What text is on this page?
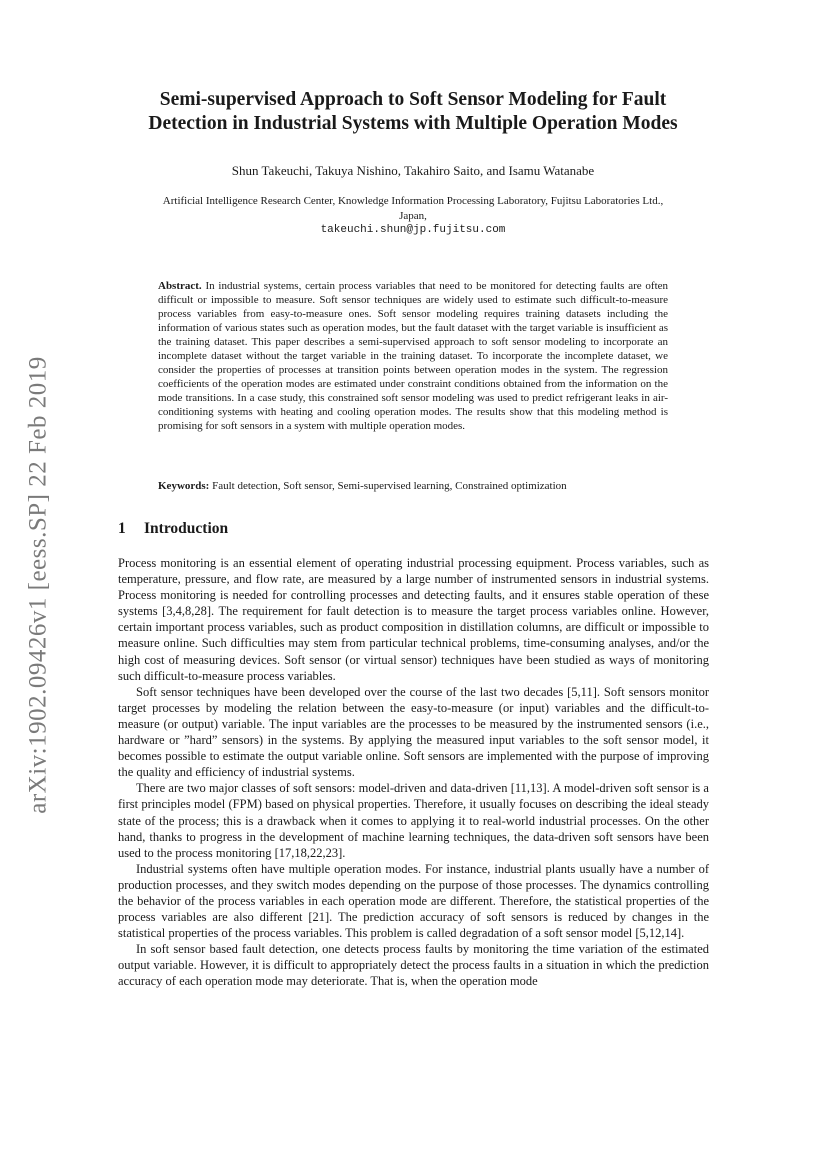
arXiv:1902.09426v1 [eess.SP] 22 Feb 2019
Semi-supervised Approach to Soft Sensor Modeling for Fault
Detection in Industrial Systems with Multiple Operation Modes
Shun Takeuchi, Takuya Nishino, Takahiro Saito, and Isamu Watanabe
Artificial Intelligence Research Center, Knowledge Information Processing Laboratory, Fujitsu Laboratories Ltd.,
Japan,
takeuchi.shun@jp.fujitsu.com
Abstract. In industrial systems, certain process variables that need to be monitored for detecting faults are often difficult or impossible to measure. Soft sensor techniques are widely used to estimate such difficult-to-measure process variables from easy-to-measure ones. Soft sensor modeling requires training datasets including the information of various states such as operation modes, but the fault dataset with the target variable is insufficient as the training dataset. This paper describes a semi-supervised approach to soft sensor modeling to incorporate an incomplete dataset without the target variable in the training dataset. To incorporate the incomplete dataset, we consider the properties of processes at transition points between operation modes in the system. The regression coefficients of the operation modes are estimated under constraint conditions obtained from the information on the mode transitions. In a case study, this constrained soft sensor modeling was used to predict refrigerant leaks in air-conditioning systems with heating and cooling operation modes. The results show that this modeling method is promising for soft sensors in a system with multiple operation modes.
Keywords: Fault detection, Soft sensor, Semi-supervised learning, Constrained optimization
1 Introduction

Process monitoring is an essential element of operating industrial processing equipment. Process variables, such as temperature, pressure, and flow rate, are measured by a large number of instrumented sensors in industrial systems. Process monitoring is needed for controlling processes and detecting faults, and it ensures stable operation of these systems [3,4,8,28]. The requirement for fault detection is to measure the target process variables online. However, certain important process variables, such as product composition in distillation columns, are difficult or impossible to measure online. Such difficulties may stem from particular technical problems, time-consuming analyses, and/or the high cost of measuring devices. Soft sensor (or virtual sensor) techniques have been studied as ways of monitoring such difficult-to-measure process variables.

Soft sensor techniques have been developed over the course of the last two decades [5,11]. Soft sensors monitor target processes by modeling the relation between the easy-to-measure (or input) variables and the difficult-to-measure (or output) variable. The input variables are the processes to be measured by the instrumented sensors (i.e., hardware or ”hard” sensors) in the systems. By applying the measured input variables to the soft sensor model, it becomes possible to estimate the output variable online. Soft sensors are implemented with the purpose of improving the quality and efficiency of industrial systems.

There are two major classes of soft sensors: model-driven and data-driven [11,13]. A model-driven soft sensor is a first principles model (FPM) based on physical properties. Therefore, it usually focuses on describing the ideal steady state of the process; this is a drawback when it comes to applying it to real-world industrial processes. On the other hand, thanks to progress in the development of machine learning techniques, the data-driven soft sensors have been used to the process monitoring [17,18,22,23].

Industrial systems often have multiple operation modes. For instance, industrial plants usually have a number of production processes, and they switch modes depending on the purpose of those processes. The dynamics controlling the behavior of the process variables in each operation mode are different. Therefore, the statistical properties of the process variables are also different [21]. The prediction accuracy of soft sensors is reduced by changes in the statistical properties of the process variables. This problem is called degradation of a soft sensor model [5,12,14].

In soft sensor based fault detection, one detects process faults by monitoring the time variation of the estimated output variable. However, it is difficult to appropriately detect the process faults in a situation in which the prediction accuracy of each operation mode may deteriorate. That is, when the operation mode
